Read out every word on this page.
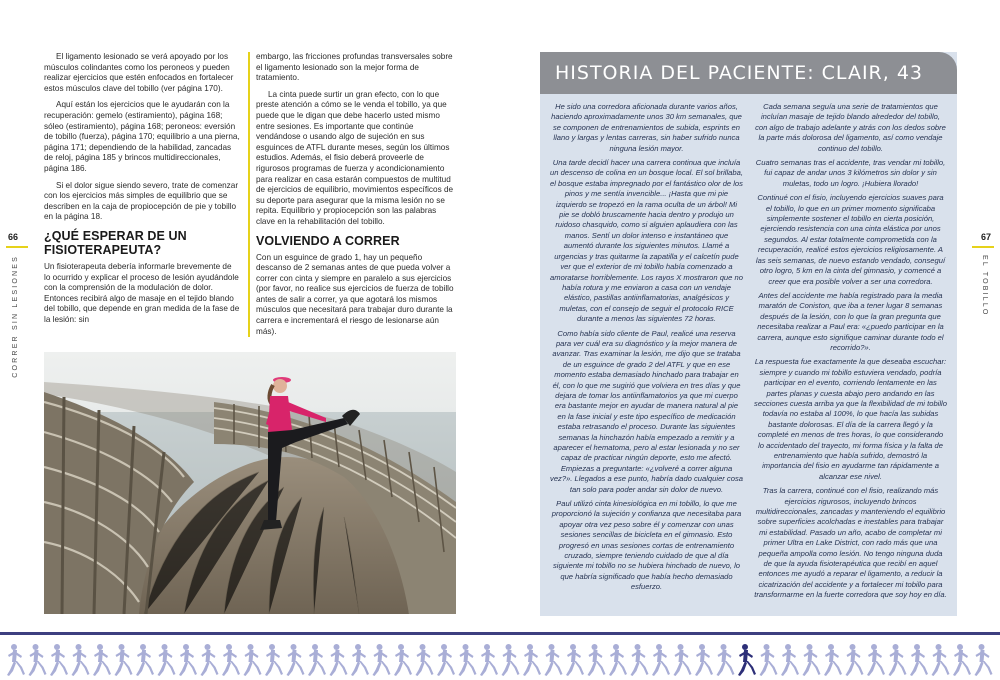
El ligamento lesionado se verá apoyado por los músculos colindantes como los peroneos y pueden realizar ejercicios que estén enfocados en fortalecer estos músculos clave del tobillo (ver página 170).

Aquí están los ejercicios que le ayudarán con la recuperación: gemelo (estiramiento), página 168; sóleo (estiramiento), página 168; peroneos: eversión de tobillo (fuerza), página 170; equilibrio a una pierna, página 171; dependiendo de la habilidad, zancadas de reloj, página 185 y brincos multidireccionales, página 186.

Si el dolor sigue siendo severo, trate de comenzar con los ejercicios más simples de equilibrio que se describen en la caja de propiocepción de pie y tobillo en la página 18.

¿QUÉ ESPERAR DE UN FISIOTERAPEUTA?

Un fisioterapeuta debería informarle brevemente de lo ocurrido y explicar el proceso de lesión ayudándole con la comprensión de la modulación de dolor. Entonces recibirá algo de masaje en el tejido blando del tobillo, que depende en gran medida de la fase de la lesión: sin

embargo, las fricciones profundas transversales sobre el ligamento lesionado son la mejor forma de tratamiento.

La cinta puede surtir un gran efecto, con lo que preste atención a cómo se le venda el tobillo, ya que puede que le digan que debe hacerlo usted mismo entre sesiones. Es importante que continúe vendándose o usando algo de sujeción en sus esguinces de ATFL durante meses, según los últimos estudios. Además, el fisio deberá proveerle de rigurosos programas de fuerza y acondicionamiento para realizar en casa estarán compuestos de multitud de ejercicios de equilibrio, movimientos específicos de su deporte para asegurar que la misma lesión no se repita. Equilibrio y propiocepción son las palabras clave en la rehabilitación del tobillo.

VOLVIENDO A CORRER

Con un esguince de grado 1, hay un pequeño descanso de 2 semanas antes de que pueda volver a correr con cinta y siempre en paralelo a sus ejercicios (por favor, no realice sus ejercicios de fuerza de tobillo antes de salir a correr, ya que agotará los mismos músculos que necesitará para trabajar duro durante la carrera e incrementará el riesgo de lesionarse aún más).

66
CORRER SIN LESIONES
67
EL TOBILLO
HISTORIA DEL PACIENTE: CLAIR, 43

He sido una corredora aficionada durante varios años, haciendo aproximadamente unos 30 km semanales, que se componen de entrenamientos de subida, esprints en llano y largas y lentas carreras, sin haber sufrido nunca ninguna lesión mayor.

Una tarde decidí hacer una carrera continua que incluía un descenso de colina en un bosque local. El sol brillaba, el bosque estaba impregnado por el fantástico olor de los pinos y me sentía invencible... ¡Hasta que mi pie izquierdo se tropezó en la rama oculta de un árbol! Mi pie se dobló bruscamente hacia dentro y produjo un ruidoso chasquido, como si alguien aplaudiera con las manos. Sentí un dolor intenso e instantáneo que aumentó durante los siguientes minutos. Llamé a urgencias y tras quitarme la zapatilla y el calcetín pude ver que el exterior de mi tobillo había comenzado a amoratarse horriblemente. Los rayos X mostraron que no había rotura y me enviaron a casa con un vendaje elástico, pastillas antiinflamatorias, analgésicos y muletas, con el consejo de seguir el protocolo RICE durante a menos las siguientes 72 horas.

Como había sido cliente de Paul, realicé una reserva para ver cuál era su diagnóstico y la mejor manera de avanzar. Tras examinar la lesión, me dijo que se trataba de un esguince de grado 2 del ATFL y que en ese momento estaba demasiado hinchado para trabajar en él, con lo que me sugirió que volviera en tres días y que dejara de tomar los antiinflamatorios ya que mi cuerpo era bastante mejor en ayudar de manera natural al pie en la fase inicial y este tipo específico de medicación estaba retrasando el proceso. Durante las siguientes semanas la hinchazón había empezado a remitir y a aparecer el hematoma, pero al estar lesionada y no ser capaz de practicar ningún deporte, esto me afectó. Empiezas a preguntarte: «¿volveré a correr alguna vez?». Llegados a ese punto, habría dado cualquier cosa tan solo para poder andar sin dolor de nuevo.

Paul utilizó cinta kinesiológica en mi tobillo, lo que me proporcionó la sujeción y confianza que necesitaba para apoyar otra vez peso sobre él y comenzar con unas sesiones sencillas de bicicleta en el gimnasio. Esto progresó en unas sesiones cortas de entrenamiento cruzado, siempre teniendo cuidado de que al día siguiente mi tobillo no se hubiera hinchado de nuevo, lo que habría significado que había hecho demasiado esfuerzo.

Cada semana seguía una serie de tratamientos que incluían masaje de tejido blando alrededor del tobillo, con algo de trabajo adelante y atrás con los dedos sobre la parte más dolorosa del ligamento, así como vendaje continuo del tobillo.

Cuatro semanas tras el accidente, tras vendar mi tobillo, fui capaz de andar unos 3 kilómetros sin dolor y sin muletas, todo un logro. ¡Hubiera llorado!

Continué con el fisio, incluyendo ejercicios suaves para el tobillo, lo que en un primer momento significaba simplemente sostener el tobillo en cierta posición, ejerciendo resistencia con una cinta elástica por unos segundos. Al estar totalmente comprometida con la recuperación, realicé estos ejercicios religiosamente. A las seis semanas, de nuevo estando vendado, conseguí otro logro, 5 km en la cinta del gimnasio, y comencé a creer que era posible volver a ser una corredora.

Antes del accidente me había registrado para la media maratón de Coniston, que iba a tener lugar 8 semanas después de la lesión, con lo que la gran pregunta que necesitaba realizar a Paul era: «¿puedo participar en la carrera, aunque esto signifique caminar durante todo el recorrido?».

La respuesta fue exactamente la que deseaba escuchar: siempre y cuando mi tobillo estuviera vendado, podría participar en el evento, corriendo lentamente en las partes planas y cuesta abajo pero andando en las secciones cuesta arriba ya que la flexibilidad de mi tobillo todavía no estaba al 100%, lo que hacía las subidas bastante dolorosas. El día de la carrera llegó y la completé en menos de tres horas, lo que considerando lo accidentado del trayecto, mi forma física y la falta de entrenamiento que había sufrido, demostró la importancia del fisio en ayudarme tan rápidamente a alcanzar ese nivel.

Tras la carrera, continué con el fisio, realizando más ejercicios rigurosos, incluyendo brincos multidireccionales, zancadas y manteniendo el equilibrio sobre superficies acolchadas e inestables para trabajar mi estabilidad. Pasado un año, acabo de completar mi primer Ultra en Lake District, con rado más que una pequeña ampolla como lesión. No tengo ninguna duda de que la ayuda fisioterapéutica que recibí en aquel entonces me ayudó a reparar el ligamento, a reducir la cicatrización del accidente y a fortalecer mi tobillo para transformarme en la fuerte corredora que soy hoy en día.
